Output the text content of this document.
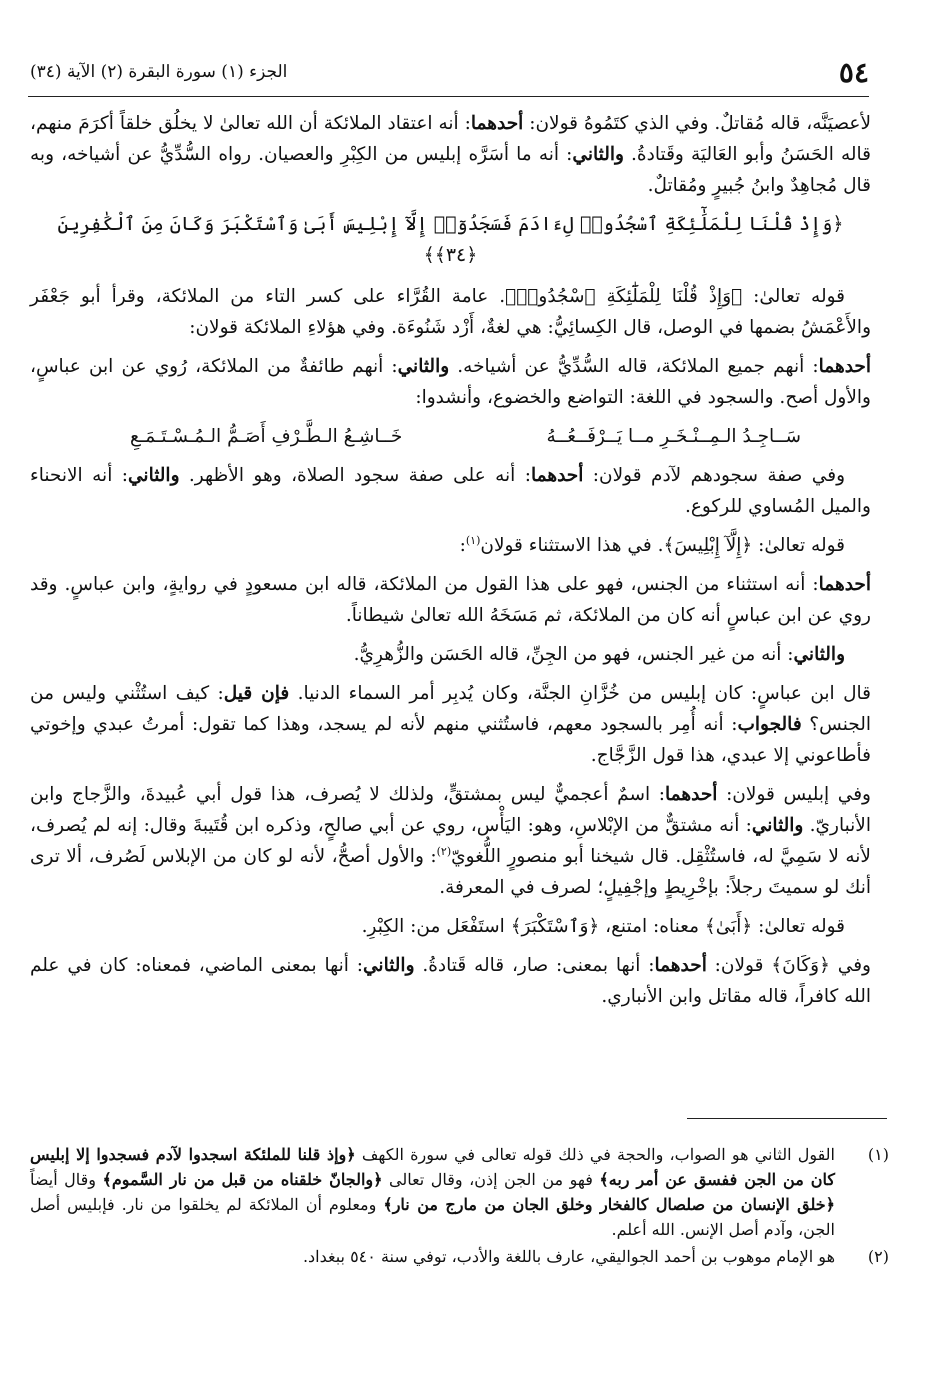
٥٤
الجزء (١) سورة البقرة (٢) الآية (٣٤)

لأعصيَنَّه، قاله مُقاتلٌ. وفي الذي كتَمُوهُ قولان: أحدهما: أنه اعتقاد الملائكة أن الله تعالىٰ لا يخلُق خلقاً أكرَمَ منهم، قاله الحَسَنُ وأبو العَاليَة وقَتادةُ. والثاني: أنه ما أسَرَّه إبليس من الكِبْرِ والعصيان. رواه السُّدِّيُّ عن أشياخه، وبه قال مُجاهِدٌ وابنُ جُبيرٍ ومُقاتلٌ.

﴿وَإِذْ قُلْنَا لِلْمَلَٰٓئِكَةِ ٱسْجُدُوا۟ لِءَادَمَ فَسَجَدُوٓا۟ إِلَّآ إِبْلِيسَ أَبَىٰ وَٱسْتَكْبَرَ وَكَانَ مِنَ ٱلْكَٰفِرِينَ ﴿٣٤﴾﴾

قوله تعالىٰ: ﴿وَإِذْ قُلْنَا لِلْمَلَٰٓئِكَةِ ٱسْجُدُوا۟﴾. عامة القُرَّاء على كسر التاء من الملائكة، وقرأ أبو جَعْفَر والأَعْمَشُ بضمها في الوصل، قال الكِسائِيُّ: هي لغةٌ، أَزْد شَنُوءَة. وفي هؤلاءِ الملائكة قولان:

أحدهما: أنهم جميع الملائكة، قاله السُّدِّيُّ عن أشياخه. والثاني: أنهم طائفةٌ من الملائكة، رُوي عن ابن عباسٍ، والأول أصح. والسجود في اللغة: التواضع والخضوع، وأنشدوا:

سَــاجِـدُ الـمِــنْـخَـرِ مــا يَــرْفَــعُــهُ
خَــاشِـعُ الـطَّـرْفِ أَصَـمُّ الـمُـسْـتَـمَـعِ

وفي صفة سجودهم لآدم قولان: أحدهما: أنه على صفة سجود الصلاة، وهو الأظهر. والثاني: أنه الانحناء والميل المُساوي للركوع.

قوله تعالىٰ: ﴿إِلَّآ إِبْلِيسَ﴾. في هذا الاستثناء قولان$^{(١)}$:

أحدهما: أنه استثناء من الجنس، فهو على هذا القول من الملائكة، قاله ابن مسعودٍ في روايةٍ، وابن عباسٍ. وقد روي عن ابن عباسٍ أنه كان من الملائكة، ثم مَسَخَهُ الله تعالىٰ شيطاناً.

والثاني: أنه من غير الجنس، فهو من الجِنِّ، قاله الحَسَن والزُّهرِيُّ.

قال ابن عباسٍ: كان إبليس من خُزَّانِ الجنَّة، وكان يُدبِر أمر السماء الدنيا. فإن قيل: كيف استُثْني وليس من الجنس؟ فالجواب: أنه أُمِر بالسجود معهم، فاستُثني منهم لأنه لم يسجد، وهذا كما تقول: أمرتُ عبدي وإخوتي فأطاعوني إلا عبدي، هذا قول الزَّجَّاج.

وفي إبليس قولان: أحدهما: اسمٌ أعجميٌّ ليس بمشتقٍّ، ولذلك لا يُصرف، هذا قول أبي عُبيدةَ، والزَّجاج وابن الأنباريّ. والثاني: أنه مشتقٌّ من الإبْلاسِ، وهو: اليَأْس، روي عن أبي صالحٍ، وذكره ابن قُتَيبةَ وقال: إنه لم يُصرف، لأنه لا سَمِيَّ له، فاستُثْقِل. قال شيخنا أبو منصورٍ اللُّغويّ$^{(٢)}$: والأول أصحُّ، لأنه لو كان من الإبلاس لَصُرف، ألا ترى أنك لو سميتَ رجلاً: بإخْرِيطٍ وإجْفِيلٍ؛ لصرف في المعرفة.

قوله تعالىٰ: ﴿أَبَىٰ﴾ معناه: امتنع، ﴿وَٱسْتَكْبَرَ﴾ استَفْعَل من: الكِبْرِ.

وفي ﴿وَكَانَ﴾ قولان: أحدهما: أنها بمعنى: صار، قاله قَتادةُ. والثاني: أنها بمعنى الماضي، فمعناه: كان في علم الله كافراً، قاله مقاتل وابن الأنباري.

(١)
القول الثاني هو الصواب، والحجة في ذلك قوله تعالى في سورة الكهف ﴿وإذ قلنا للملئكة اسجدوا لآدم فسجدوا إلا إبليس كان من الجن ففسق عن أمر ربه﴾ فهو من الجن إذن، وقال تعالى ﴿والجانّ خلقناه من قبل من نار السَّموم﴾ وقال أيضاً ﴿خلق الإنسان من صلصال كالفخار وخلق الجان من مارج من نار﴾ ومعلوم أن الملائكة لم يخلقوا من نار. فإبليس أصل الجن، وآدم أصل الإنس. الله أعلم.
(٢)
هو الإمام موهوب بن أحمد الجواليقي، عارف باللغة والأدب، توفي سنة ٥٤٠ ببغداد.
